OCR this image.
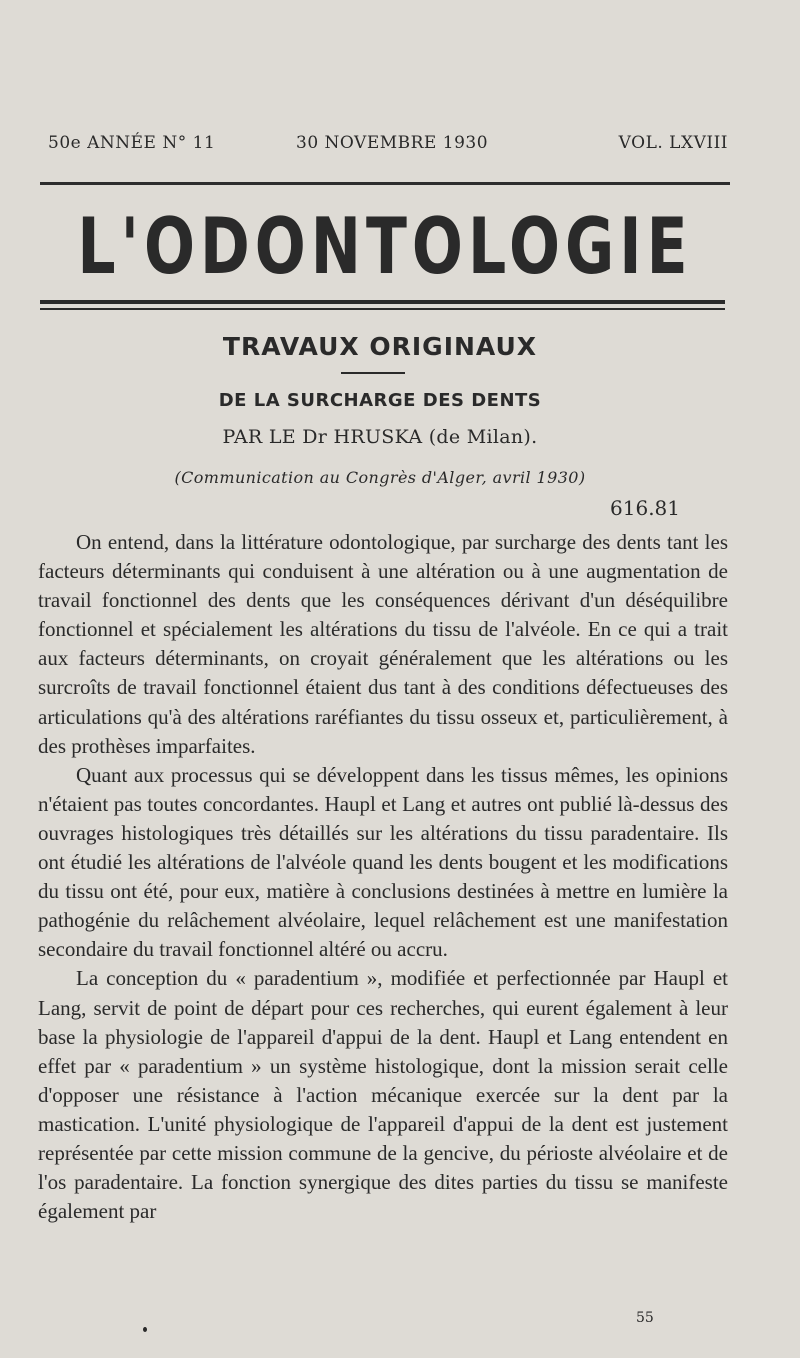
50e ANNÉE N° 11	30 NOVEMBRE 1930	VOL. LXVIII
L'ODONTOLOGIE
TRAVAUX ORIGINAUX
DE LA SURCHARGE DES DENTS
PAR LE Dr HRUSKA (de Milan).
(Communication au Congrès d'Alger, avril 1930)
616.81

On entend, dans la littérature odontologique, par surcharge des dents tant les facteurs déterminants qui conduisent à une altération ou à une augmentation de travail fonctionnel des dents que les conséquences dérivant d'un déséquilibre fonctionnel et spécialement les altérations du tissu de l'alvéole. En ce qui a trait aux facteurs déterminants, on croyait généralement que les altérations ou les surcroîts de travail fonctionnel étaient dus tant à des conditions défectueuses des articulations qu'à des altérations raréfiantes du tissu osseux et, particulièrement, à des prothèses imparfaites.

Quant aux processus qui se développent dans les tissus mêmes, les opinions n'étaient pas toutes concordantes. Haupl et Lang et autres ont publié là-dessus des ouvrages histologiques très détaillés sur les altérations du tissu paradentaire. Ils ont étudié les altérations de l'alvéole quand les dents bougent et les modifications du tissu ont été, pour eux, matière à conclusions destinées à mettre en lumière la pathogénie du relâchement alvéolaire, lequel relâchement est une manifestation secondaire du travail fonctionnel altéré ou accru.

La conception du « paradentium », modifiée et perfectionnée par Haupl et Lang, servit de point de départ pour ces recherches, qui eurent également à leur base la physiologie de l'appareil d'appui de la dent. Haupl et Lang entendent en effet par « paradentium » un système histologique, dont la mission serait celle d'opposer une résistance à l'action mécanique exercée sur la dent par la mastication. L'unité physiologique de l'appareil d'appui de la dent est justement représentée par cette mission commune de la gencive, du périoste alvéolaire et de l'os paradentaire. La fonction synergique des dites parties du tissu se manifeste également par

55
